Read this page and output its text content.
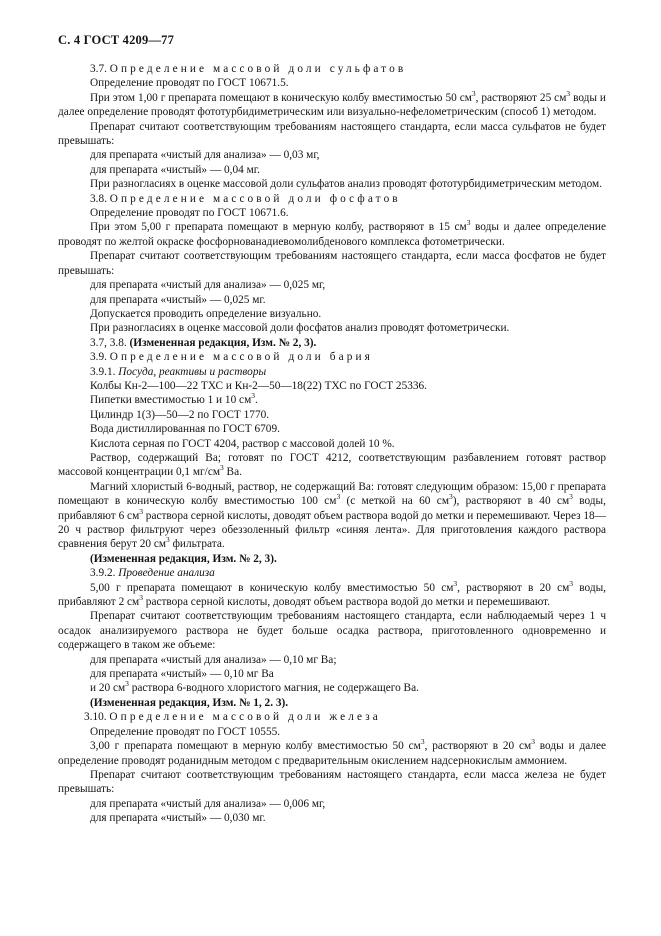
С. 4 ГОСТ 4209—77

3.7. Определение массовой доли сульфатов

Определение проводят по ГОСТ 10671.5.

При этом 1,00 г препарата помещают в коническую колбу вместимостью 50 $см^3$, растворяют 25 $см^3$ воды и далее определение проводят фототурбидиметрическим или визуально-нефелометрическим (способ 1) методом.

Препарат считают соответствующим требованиям настоящего стандарта, если масса сульфатов не будет превышать:

для препарата «чистый для анализа» — 0,03 мг,

для препарата «чистый» — 0,04 мг.

При разногласиях в оценке массовой доли сульфатов анализ проводят фототурбидиметрическим методом.

3.8. Определение массовой доли фосфатов

Определение проводят по ГОСТ 10671.6.

При этом 5,00 г препарата помещают в мерную колбу, растворяют в 15 $см^3$ воды и далее определение проводят по желтой окраске фосфорнованадиевомолибденового комплекса фотометрически.

Препарат считают соответствующим требованиям настоящего стандарта, если масса фосфатов не будет превышать:

для препарата «чистый для анализа» — 0,025 мг,

для препарата «чистый» — 0,025 мг.

Допускается проводить определение визуально.

При разногласиях в оценке массовой доли фосфатов анализ проводят фотометрически.

3.7, 3.8. (Измененная редакция, Изм. № 2, 3).

3.9. Определение массовой доли бария

3.9.1. Посуда, реактивы и растворы

Колбы Кн-2—100—22 ТХС и Кн-2—50—18(22) ТХС по ГОСТ 25336.

Пипетки вместимостью 1 и 10 $см^3$.

Цилиндр 1(3)—50—2 по ГОСТ 1770.

Вода дистиллированная по ГОСТ 6709.

Кислота серная по ГОСТ 4204, раствор с массовой долей 10 %.

Раствор, содержащий Ва; готовят по ГОСТ 4212, соответствующим разбавлением готовят раствор массовой концентрации 0,1 $мг/см^3$ Ва.

Магний хлористый 6-водный, раствор, не содержащий Ва: готовят следующим образом: 15,00 г препарата помещают в коническую колбу вместимостью 100 $см^3$ (с меткой на 60 $см^3$), растворяют в 40 $см^3$ воды, прибавляют 6 $см^3$ раствора серной кислоты, доводят объем раствора водой до метки и перемешивают. Через 18—20 ч раствор фильтруют через обеззоленный фильтр «синяя лента». Для приготовления каждого раствора сравнения берут 20 $см^3$ фильтрата.

(Измененная редакция, Изм. № 2, 3).

3.9.2. Проведение анализа

5,00 г препарата помещают в коническую колбу вместимостью 50 $см^3$, растворяют в 20 $см^3$ воды, прибавляют 2 $см^3$ раствора серной кислоты, доводят объем раствора водой до метки и перемешивают.

Препарат считают соответствующим требованиям настоящего стандарта, если наблюдаемый через 1 ч осадок анализируемого раствора не будет больше осадка раствора, приготовленного одновременно и содержащего в таком же объеме:

для препарата «чистый для анализа» — 0,10 мг Ва;

для препарата «чистый» — 0,10 мг Ва

и 20 $см^3$ раствора 6-водного хлористого магния, не содержащего Ва.

(Измененная редакция, Изм. № 1, 2. 3).

3.10. Определение массовой доли железа

Определение проводят по ГОСТ 10555.

3,00 г препарата помещают в мерную колбу вместимостью 50 $см^3$, растворяют в 20 $см^3$ воды и далее определение проводят роданидным методом с предварительным окислением надсернокислым аммонием.

Препарат считают соответствующим требованиям настоящего стандарта, если масса железа не будет превышать:

для препарата «чистый для анализа» — 0,006 мг,

для препарата «чистый» — 0,030 мг.
